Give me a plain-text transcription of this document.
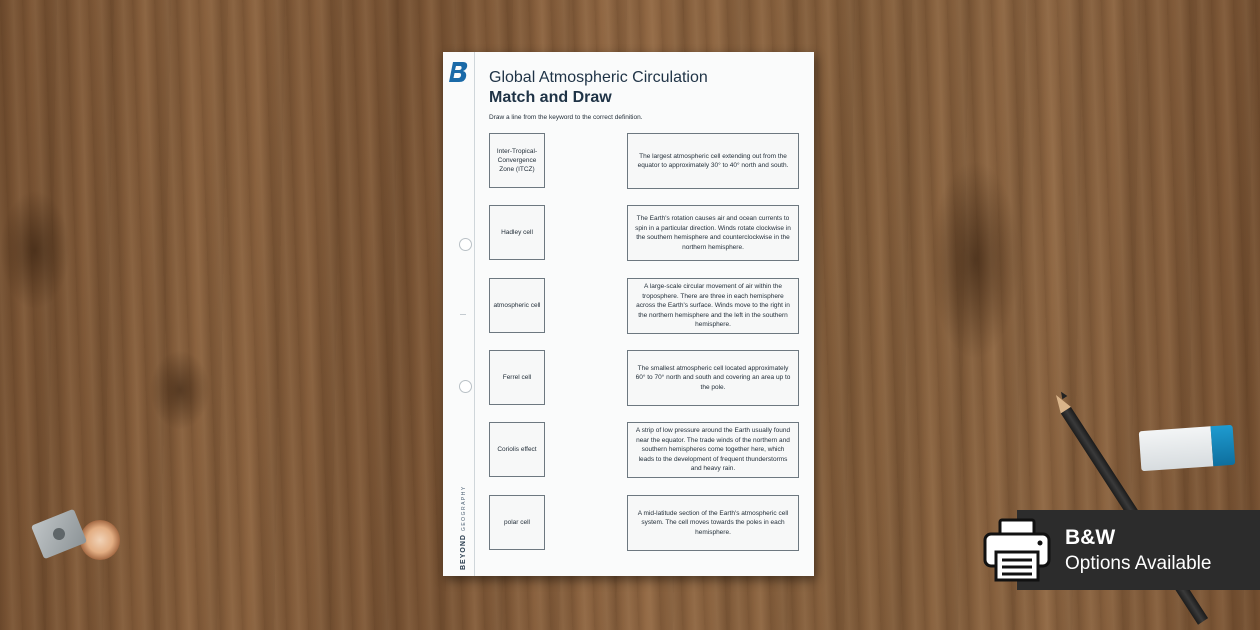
BEYONDGEOGRAPHY
Global Atmospheric Circulation
Match and Draw
Draw a line from the keyword to the correct definition.
Inter-Tropical-Convergence Zone (ITCZ)
Hadley cell
atmospheric cell
Ferrel cell
Coriolis effect
polar cell
The largest atmospheric cell extending out from the equator to approximately 30° to 40° north and south.
The Earth's rotation causes air and ocean currents to spin in a particular direction. Winds rotate clockwise in the southern hemisphere and counterclockwise in the northern hemisphere.
A large-scale circular movement of air within the troposphere. There are three in each hemisphere across the Earth's surface. Winds move to the right in the northern hemisphere and the left in the southern hemisphere.
The smallest atmospheric cell located approximately 60° to 70° north and south and covering an area up to the pole.
A strip of low pressure around the Earth usually found near the equator. The trade winds of the northern and southern hemispheres come together here, which leads to the development of frequent thunderstorms and heavy rain.
A mid-latitude section of the Earth's atmospheric cell system. The cell moves towards the poles in each hemisphere.	B&W
Options Available
